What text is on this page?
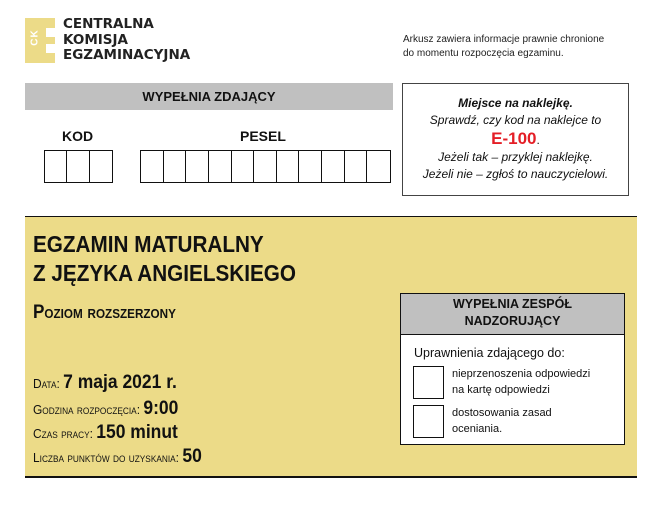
CK
CENTRALNA
KOMISJA
EGZAMINACYJNA
Arkusz zawiera informacje prawnie chronione
do momentu rozpoczęcia egzaminu.
WYPEŁNIA ZDAJĄCY
KOD	PESEL
Miejsce na naklejkę.
Sprawdź, czy kod na naklejce to
E-100.
Jeżeli tak – przyklej naklejkę.
Jeżeli nie – zgłoś to nauczycielowi.
EGZAMIN MATURALNY
Z JĘZYKA ANGIELSKIEGO
Poziom rozszerzony
Data: 7 maja 2021 r.
Godzina rozpoczęcia: 9:00
Czas pracy: 150 minut
Liczba punktów do uzyskania: 50
WYPEŁNIA ZESPÓŁ
NADZORUJĄCY
Uprawnienia zdającego do:
nieprzenoszenia odpowiedzi
na kartę odpowiedzi
dostosowania zasad
oceniania.
